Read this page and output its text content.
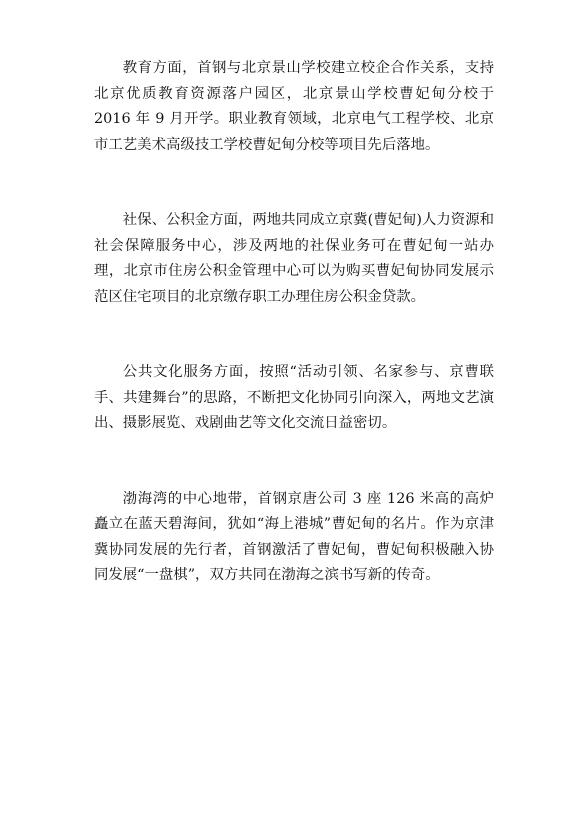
教育方面，首钢与北京景山学校建立校企合作关系，支持北京优质教育资源落户园区，北京景山学校曹妃甸分校于 2016 年 9 月开学。职业教育领域，北京电气工程学校、北京市工艺美术高级技工学校曹妃甸分校等项目先后落地。

社保、公积金方面，两地共同成立京冀(曹妃甸)人力资源和社会保障服务中心，涉及两地的社保业务可在曹妃甸一站办理，北京市住房公积金管理中心可以为购买曹妃甸协同发展示范区住宅项目的北京缴存职工办理住房公积金贷款。

公共文化服务方面，按照“活动引领、名家参与、京曹联手、共建舞台”的思路，不断把文化协同引向深入，两地文艺演出、摄影展览、戏剧曲艺等文化交流日益密切。

渤海湾的中心地带，首钢京唐公司 3 座 126 米高的高炉矗立在蓝天碧海间，犹如“海上港城”曹妃甸的名片。作为京津冀协同发展的先行者，首钢激活了曹妃甸，曹妃甸积极融入协同发展“一盘棋”，双方共同在渤海之滨书写新的传奇。
